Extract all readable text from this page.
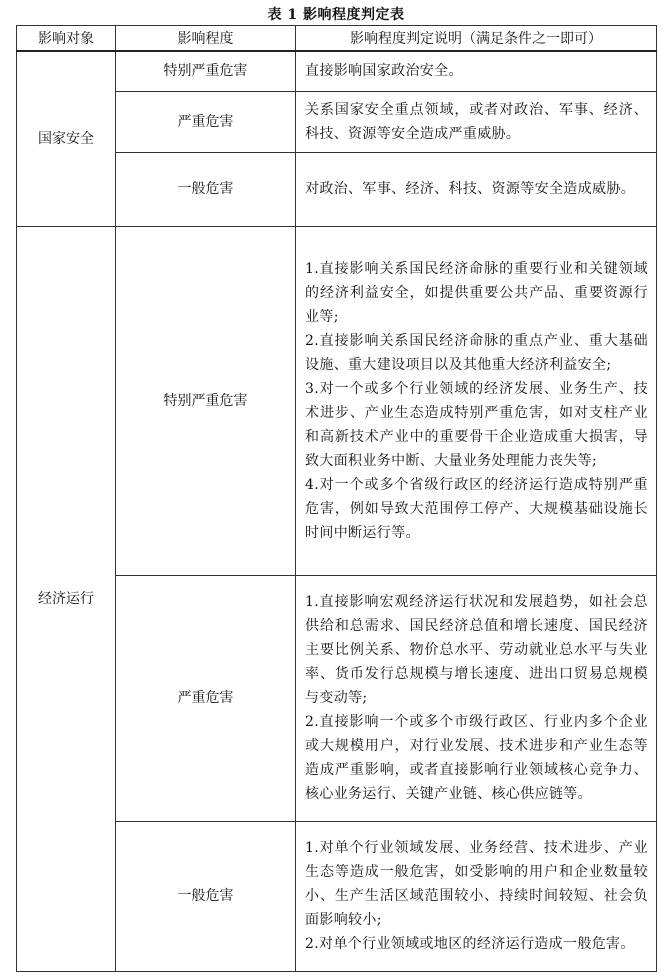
表 1 影响程度判定表
影响对象	影响程度	影响程度判定说明（满足条件之一即可）
国家安全	特别严重危害	直接影响国家政治安全。

	严重危害	关系国家安全重点领域，或者对政治、军事、经济、科技、资源等安全造成严重威胁。

	一般危害	对政治、军事、经济、科技、资源等安全造成威胁。

经济运行	特别严重危害	1.直接影响关系国民经济命脉的重要行业和关键领域的经济利益安全，如提供重要公共产品、重要资源行业等;

2.直接影响关系国民经济命脉的重点产业、重大基础设施、重大建设项目以及其他重大经济利益安全;

3.对一个或多个行业领域的经济发展、业务生产、技术进步、产业生态造成特别严重危害，如对支柱产业和高新技术产业中的重要骨干企业造成重大损害，导致大面积业务中断、大量业务处理能力丧失等;

4.对一个或多个省级行政区的经济运行造成特别严重危害，例如导致大范围停工停产、大规模基础设施长时间中断运行等。

	严重危害	1.直接影响宏观经济运行状况和发展趋势，如社会总供给和总需求、国民经济总值和增长速度、国民经济主要比例关系、物价总水平、劳动就业总水平与失业率、货币发行总规模与增长速度、进出口贸易总规模与变动等;

2.直接影响一个或多个市级行政区、行业内多个企业或大规模用户，对行业发展、技术进步和产业生态等造成严重影响，或者直接影响行业领域核心竞争力、核心业务运行、关键产业链、核心供应链等。

	一般危害	1.对单个行业领域发展、业务经营、技术进步、产业生态等造成一般危害，如受影响的用户和企业数量较小、生产生活区域范围较小、持续时间较短、社会负面影响较小;

2.对单个行业领域或地区的经济运行造成一般危害。
